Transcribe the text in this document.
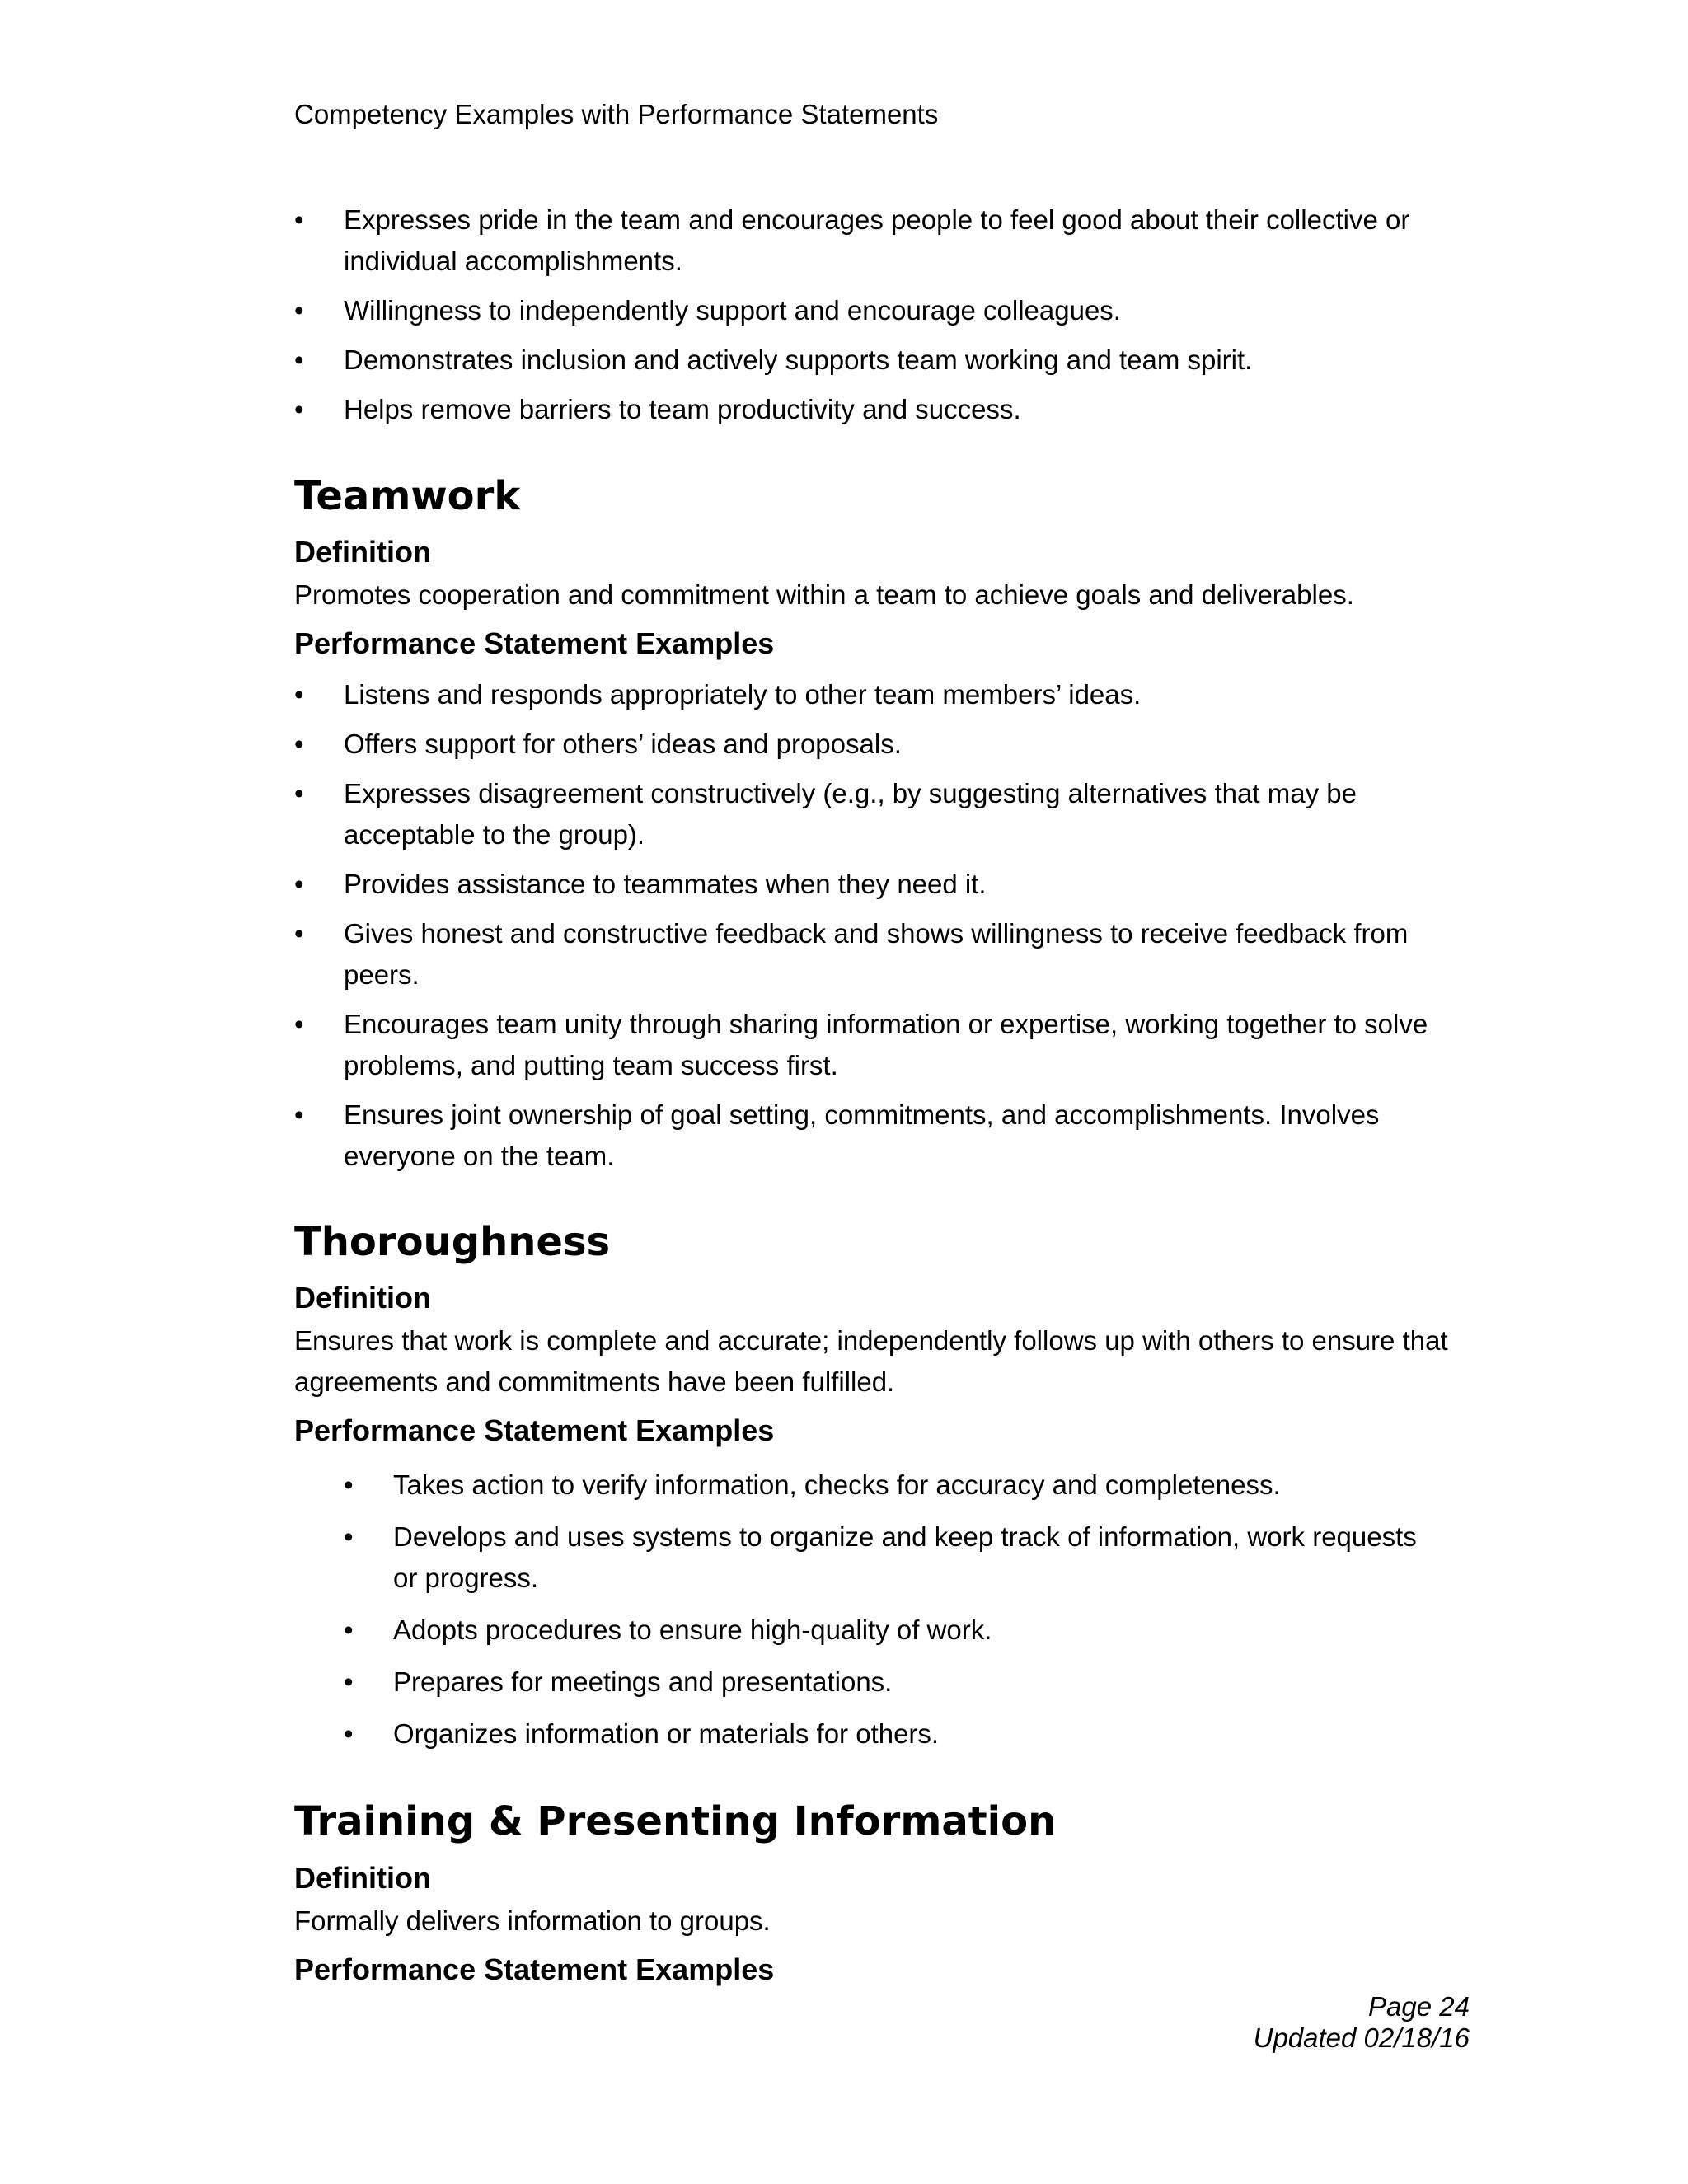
Competency Examples with Performance Statements
•	Expresses pride in the team and encourages people to feel good about their collective or individual accomplishments.
•	Willingness to independently support and encourage colleagues.
•	Demonstrates inclusion and actively supports team working and team spirit.
•	Helps remove barriers to team productivity and success.
Teamwork
Definition
Promotes cooperation and commitment within a team to achieve goals and deliverables.
Performance Statement Examples
•	Listens and responds appropriately to other team members’ ideas.
•	Offers support for others’ ideas and proposals.
•	Expresses disagreement constructively (e.g., by suggesting alternatives that may be acceptable to the group).
•	Provides assistance to teammates when they need it.
•	Gives honest and constructive feedback and shows willingness to receive feedback from peers.
•	Encourages team unity through sharing information or expertise, working together to solve problems, and putting team success first.
•	Ensures joint ownership of goal setting, commitments, and accomplishments. Involves everyone on the team.
Thoroughness
Definition
Ensures that work is complete and accurate; independently follows up with others to ensure that agreements and commitments have been fulfilled.
Performance Statement Examples
•	Takes action to verify information, checks for accuracy and completeness.
•	Develops and uses systems to organize and keep track of information, work requests or progress.
•	Adopts procedures to ensure high-quality of work.
•	Prepares for meetings and presentations.
•	Organizes information or materials for others.
Training & Presenting Information
Definition
Formally delivers information to groups.
Performance Statement Examples
Page 24
Updated 02/18/16
